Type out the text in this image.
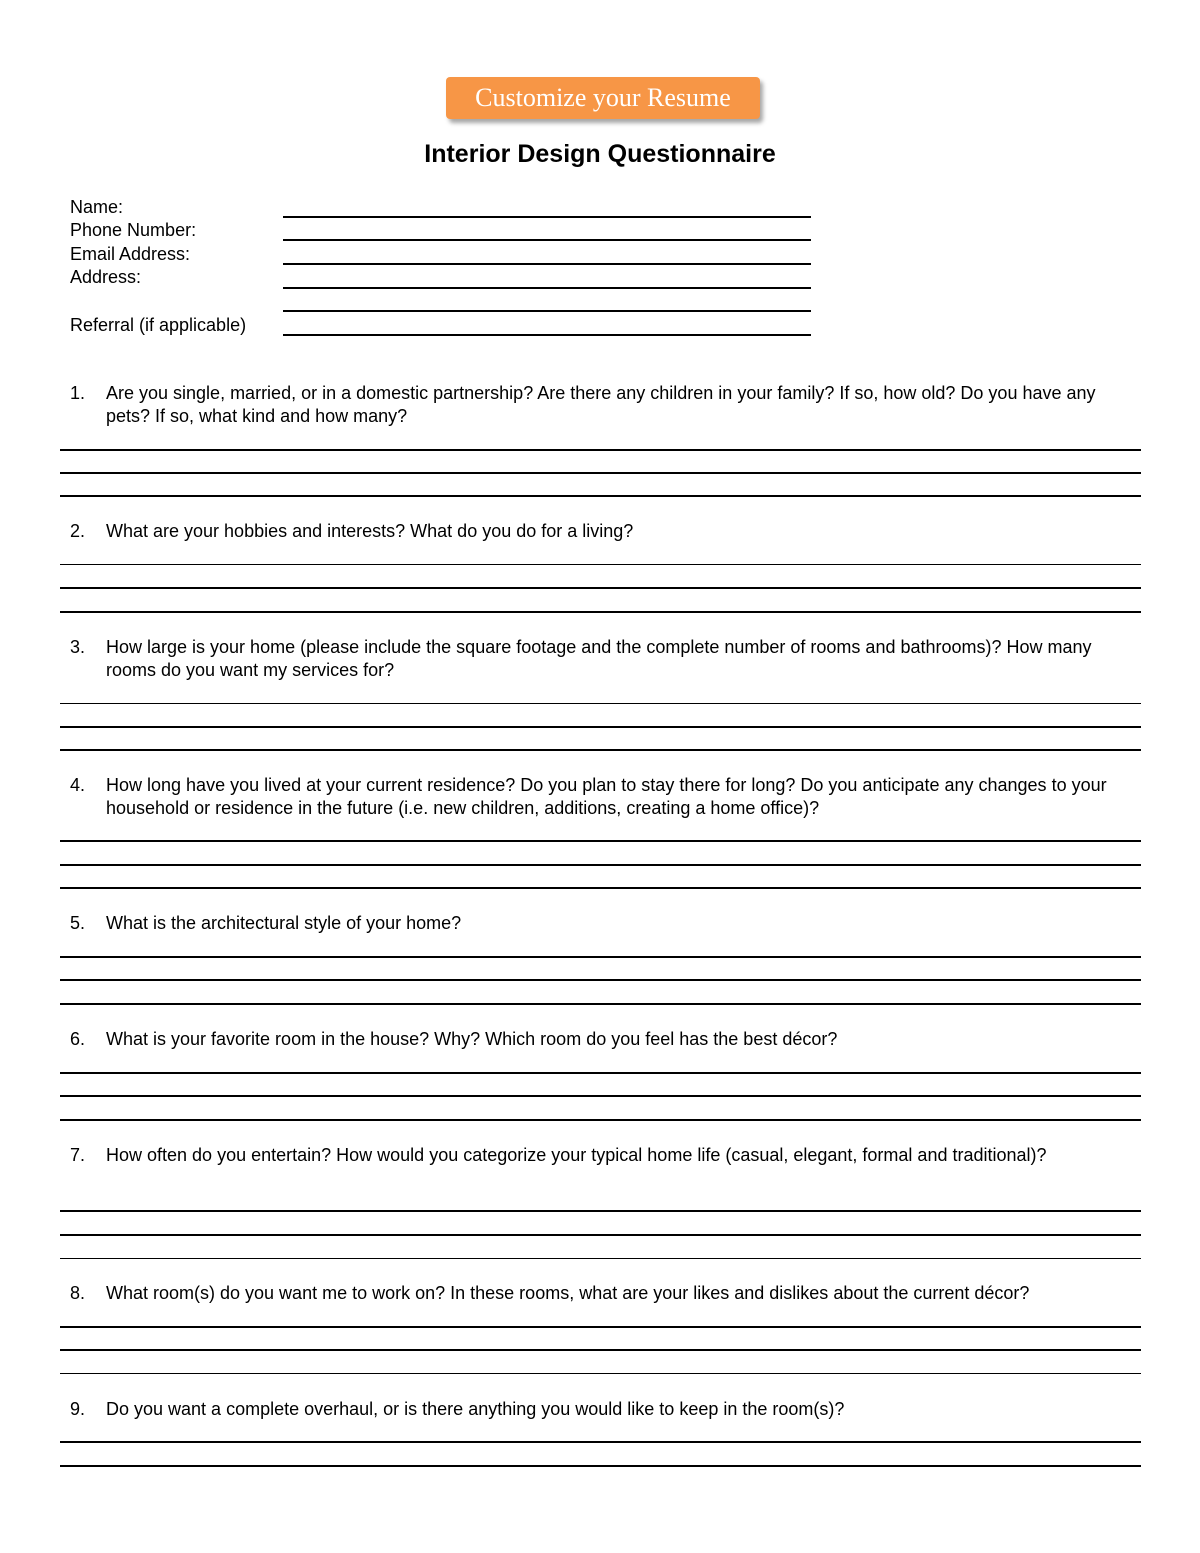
Customize your Resume
Interior Design Questionnaire
Name:
Phone Number:
Email Address:
Address:
Referral (if applicable)
1.	Are you single, married, or in a domestic partnership? Are there any children in your family? If so, how old? Do you have any pets? If so, what kind and how many?
2.	What are your hobbies and interests? What do you do for a living?
3.	How large is your home (please include the square footage and the complete number of rooms and bathrooms)? How many rooms do you want my services for?
4.	How long have you lived at your current residence? Do you plan to stay there for long? Do you anticipate any changes to your household or residence in the future (i.e. new children, additions, creating a home office)?
5.	What is the architectural style of your home?
6.	What is your favorite room in the house? Why? Which room do you feel has the best décor?
7.	How often do you entertain? How would you categorize your typical home life (casual, elegant, formal and traditional)?
8.	What room(s) do you want me to work on? In these rooms, what are your likes and dislikes about the current décor?
9.	Do you want a complete overhaul, or is there anything you would like to keep in the room(s)?
